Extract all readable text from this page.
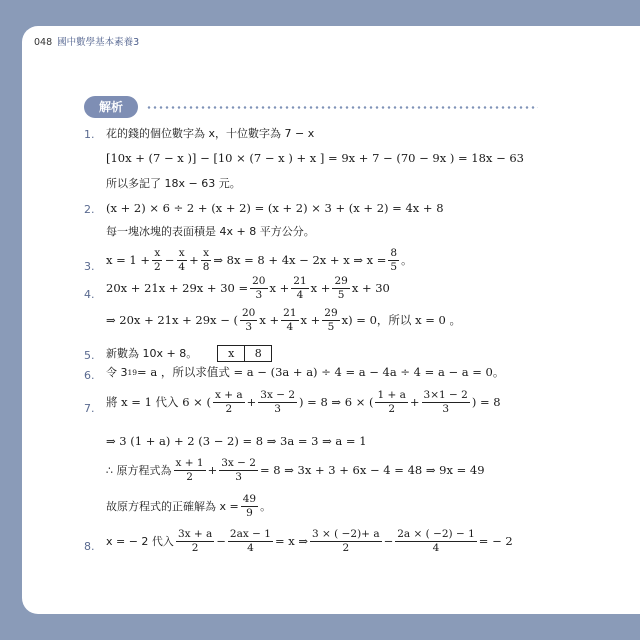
048 國中數學基本素養3
解析
1. 花的錢的個位數字為 x，十位數字為 7 − x
[10x + (7 − x )] − [10 × (7 − x ) + x ] = 9x + 7 − (70 − 9x ) = 18x − 63
所以多記了 18x − 63 元。
2. (x + 2) × 6 ÷ 2 + (x + 2) = (x + 2) × 3 + (x + 2) = 4x + 8
每一塊冰塊的表面積是 4x + 8 平方公分。
3. $x = 1 + \frac{x}{2} - \frac{x}{4} + \frac{x}{8}$ ⇒ 8x = 8 + 4x − 2x + x ⇒ $x = \frac{8}{5}$ 。
4. $20x + 21x + 29x + 30 = \frac{20}{3}$ $x + \frac{21}{4}$ $x + \frac{29}{5}$ x + 30
⇒ 20x + 21x + 29x − ( $\frac{20}{3}$ $x + \frac{21}{4}$ $x + \frac{29}{5} x) = 0$，所以 x = 0 。
5. 新數為 10x + 8。	x	8
6. 令 3 19 = a ，所以求值式 = a − (3a + a) ÷ 4 = a − 4a ÷ 4 = a − a = 0。
7. 將 x = 1 代入 6 × ( $\frac{x + a}{2} + \frac{3x - 2}{3}$ ) = 8 ⇒ 6 × ( $\frac{1 + a}{2} + \frac{3\times 1 - 2}{3}$ ) = 8
⇒ 3 (1 + a) + 2 (3 − 2) = 8 ⇒ 3a = 3 ⇒ a = 1
∴ 原方程式為 $\frac{x + 1}{2} + \frac{3x - 2}{3} = 8$ ⇒ 3x + 3 + 6x − 4 = 48 ⇒ 9x = 49
故原方程式的正確解為 $x = \frac{49}{9}$ 。
8. x = − 2 代入 $\frac{3x + a}{2} - \frac{2ax - 1}{4} = x$ ⇒ $\frac{3 \times ( -2)+ a}{2} - \frac{2a \times ( -2) - 1}{4}$ = − 2
